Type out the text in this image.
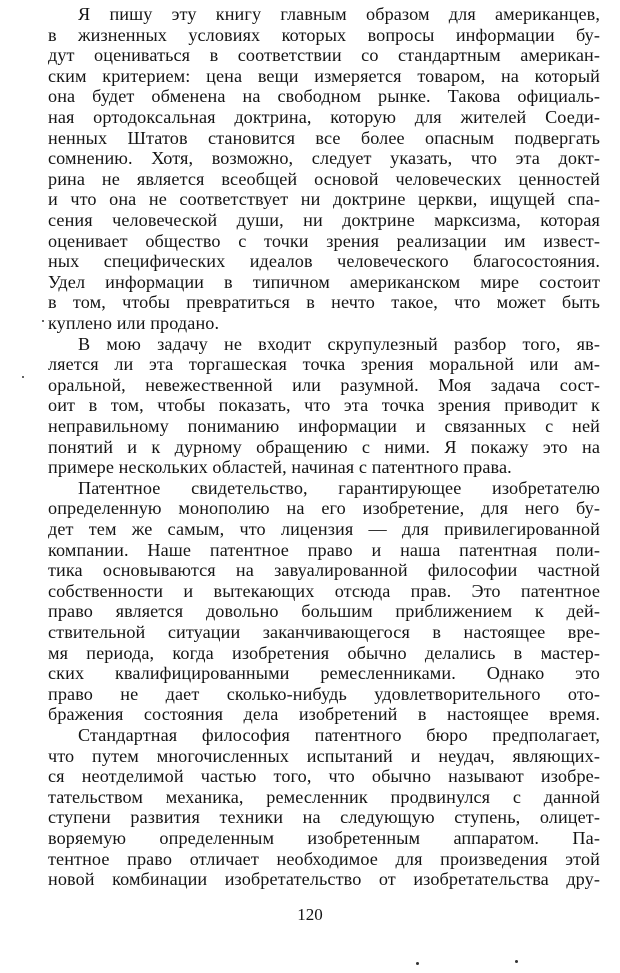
Я пишу эту книгу главным образом для американцев,
в жизненных условиях которых вопросы информации бу-
дут оцениваться в соответствии со стандартным американ-
ским критерием: цена вещи измеряется товаром, на который
она будет обменена на свободном рынке. Такова официаль-
ная ортодоксальная доктрина, которую для жителей Соеди-
ненных Штатов становится все более опасным подвергать
сомнению. Хотя, возможно, следует указать, что эта докт-
рина не является всеобщей основой человеческих ценностей
и что она не соответствует ни доктрине церкви, ищущей спа-
сения человеческой души, ни доктрине марксизма, которая
оценивает общество с точки зрения реализации им извест-
ных специфических идеалов человеческого благосостояния.
Удел информации в типичном американском мире состоит
в том, чтобы превратиться в нечто такое, что может быть
куплено или продано.
В мою задачу не входит скрупулезный разбор того, яв-
ляется ли эта торгашеская точка зрения моральной или ам-
оральной, невежественной или разумной. Моя задача сост-
оит в том, чтобы показать, что эта точка зрения приводит к
неправильному пониманию информации и связанных с ней
понятий и к дурному обращению с ними. Я покажу это на
примере нескольких областей, начиная с патентного права.
Патентное свидетельство, гарантирующее изобретателю
определенную монополию на его изобретение, для него бу-
дет тем же самым, что лицензия — для привилегированной
компании. Наше патентное право и наша патентная поли-
тика основываются на завуалированной философии частной
собственности и вытекающих отсюда прав. Это патентное
право является довольно большим приближением к дей-
ствительной ситуации заканчивающегося в настоящее вре-
мя периода, когда изобретения обычно делались в мастер-
ских квалифицированными ремесленниками. Однако это
право не дает сколько-нибудь удовлетворительного ото-
бражения состояния дела изобретений в настоящее время.
Стандартная философия патентного бюро предполагает,
что путем многочисленных испытаний и неудач, являющих-
ся неотделимой частью того, что обычно называют изобре-
тательством механика, ремесленник продвинулся с данной
ступени развития техники на следующую ступень, олицет-
воряемую определенным изобретенным аппаратом. Па-
тентное право отличает необходимое для произведения этой
новой комбинации изобретательство от изобретательства дру-
120
